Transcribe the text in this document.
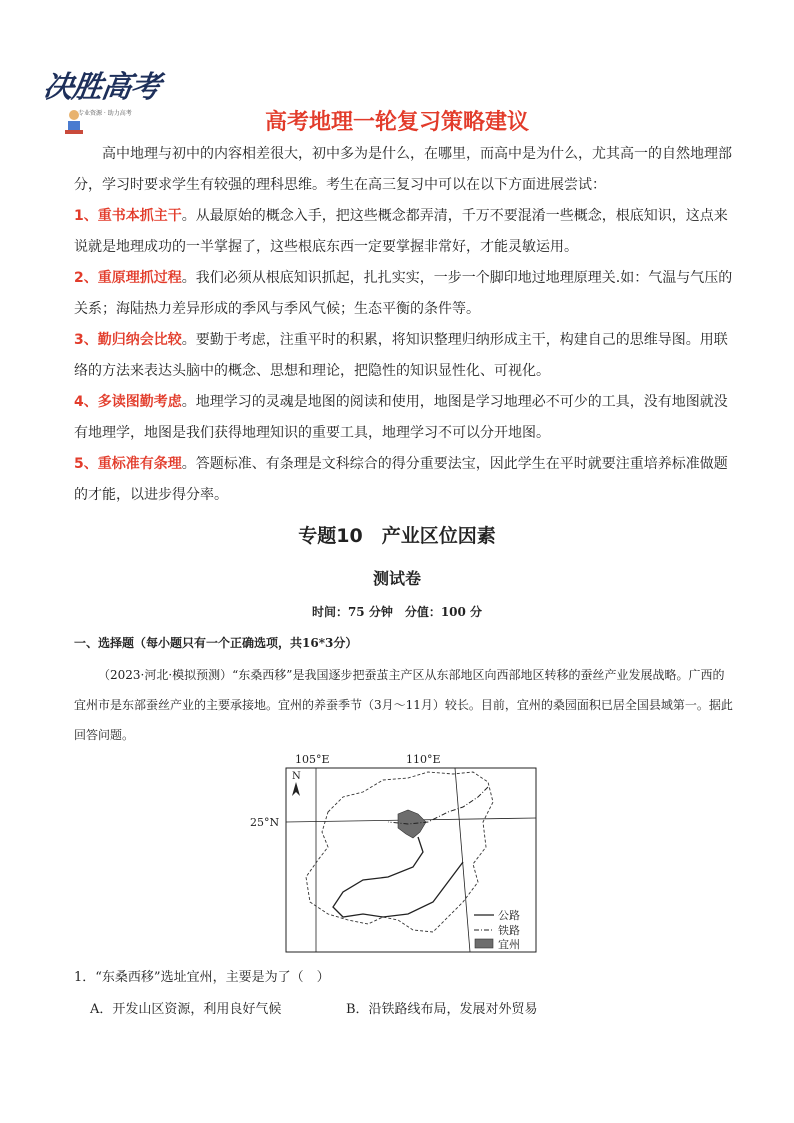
决胜高考
专业资源 · 助力高考	高考地理一轮复习策略建议

高中地理与初中的内容相差很大，初中多为是什么，在哪里，而高中是为什么，尤其高一的自然地理部分，学习时要求学生有较强的理科思维。考生在高三复习中可以在以下方面进展尝试：

1、重书本抓主干。从最原始的概念入手，把这些概念都弄清，千万不要混淆一些概念，根底知识，这点来说就是地理成功的一半掌握了，这些根底东西一定要掌握非常好，才能灵敏运用。

2、重原理抓过程。我们必须从根底知识抓起，扎扎实实，一步一个脚印地过地理原理关.如：气温与气压的关系；海陆热力差异形成的季风与季风气候；生态平衡的条件等。

3、勤归纳会比较。要勤于考虑，注重平时的积累，将知识整理归纳形成主干，构建自己的思维导图。用联络的方法来表达头脑中的概念、思想和理论，把隐性的知识显性化、可视化。

4、多读图勤考虑。地理学习的灵魂是地图的阅读和使用，地图是学习地理必不可少的工具，没有地图就没有地理学，地图是我们获得地理知识的重要工具，地理学习不可以分开地图。

5、重标准有条理。答题标准、有条理是文科综合的得分重要法宝，因此学生在平时就要注重培养标准做题的才能，以进步得分率。

专题10　产业区位因素
测试卷
时间：75 分钟　分值：100 分
一、选择题（每小题只有一个正确选项，共16*3分）

（2023·河北·模拟预测）“东桑西移”是我国逐步把蚕茧主产区从东部地区向西部地区转移的蚕丝产业发展战略。广西的宜州市是东部蚕丝产业的主要承接地。宜州的养蚕季节（3月～11月）较长。目前，宜州的桑园面积已居全国县域第一。据此回答问题。

105°E	110°E
25°N
N
公路
铁路
宜州
1．“东桑西移”选址宜州，主要是为了（　）
A．开发山区资源，利用良好气候	B．沿铁路线布局，发展对外贸易
